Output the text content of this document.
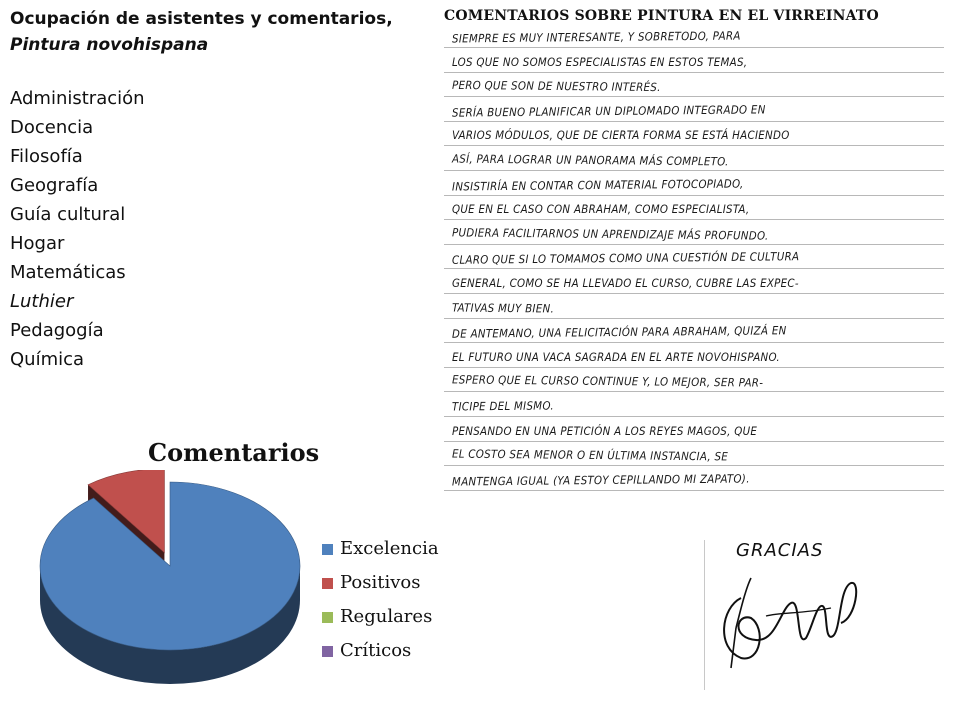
Ocupación de asistentes y comentarios,

Pintura novohispana

Administración
Docencia
Filosofía
Geografía
Guía cultural
Hogar
Matemáticas
Luthier
Pedagogía
Química

Comentarios

Excelencia
Positivos
Regulares
Críticos

COMENTARIOS SOBRE PINTURA EN EL VIRREINATO

SIEMPRE ES MUY INTERESANTE, Y SOBRETODO, PARA
LOS QUE NO SOMOS ESPECIALISTAS EN ESTOS TEMAS,
PERO QUE SON DE NUESTRO INTERÉS.
SERÍA BUENO PLANIFICAR UN DIPLOMADO INTEGRADO EN
VARIOS MÓDULOS, QUE DE CIERTA FORMA SE ESTÁ HACIENDO
ASÍ, PARA LOGRAR UN PANORAMA MÁS COMPLETO.
INSISTIRÍA EN CONTAR CON MATERIAL FOTOCOPIADO,
QUE EN EL CASO CON ABRAHAM, COMO ESPECIALISTA,
PUDIERA FACILITARNOS UN APRENDIZAJE MÁS PROFUNDO.
CLARO QUE SI LO TOMAMOS COMO UNA CUESTIÓN DE CULTURA
GENERAL, COMO SE HA LLEVADO EL CURSO, CUBRE LAS EXPEC-
TATIVAS MUY BIEN.
DE ANTEMANO, UNA FELICITACIÓN PARA ABRAHAM, QUIZÁ EN
EL FUTURO UNA VACA SAGRADA EN EL ARTE NOVOHISPANO.
ESPERO QUE EL CURSO CONTINUE Y, LO MEJOR, SER PAR-
TICIPE DEL MISMO.
PENSANDO EN UNA PETICIÓN A LOS REYES MAGOS, QUE
EL COSTO SEA MENOR O EN ÚLTIMA INSTANCIA, SE
MANTENGA IGUAL (YA ESTOY CEPILLANDO MI ZAPATO).
GRACIAS
